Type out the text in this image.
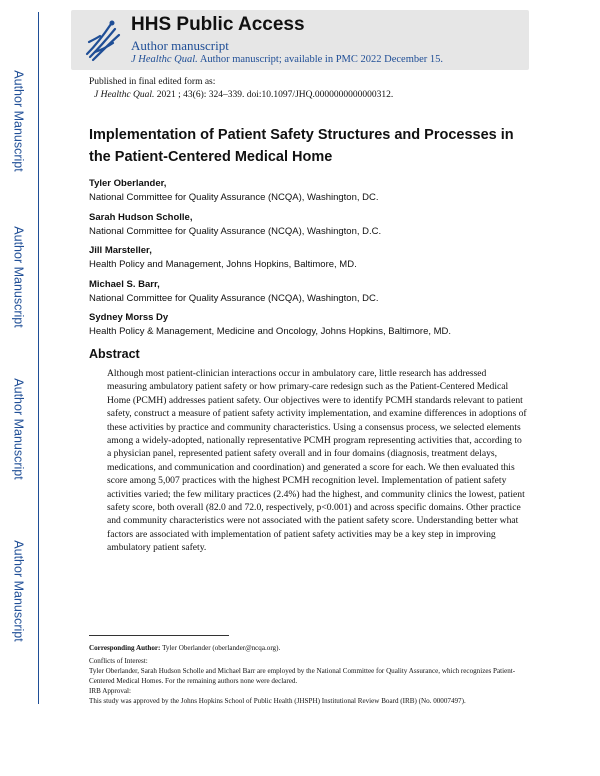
Author Manuscript
Author Manuscript
Author Manuscript
Author Manuscript
HHS Public Access
Author manuscript
J Healthc Qual. Author manuscript; available in PMC 2022 December 15.
Published in final edited form as:
J Healthc Qual. 2021 ; 43(6): 324–339. doi:10.1097/JHQ.0000000000000312.
Implementation of Patient Safety Structures and Processes in the Patient-Centered Medical Home
Tyler Oberlander,
National Committee for Quality Assurance (NCQA), Washington, DC.
Sarah Hudson Scholle,
National Committee for Quality Assurance (NCQA), Washington, D.C.
Jill Marsteller,
Health Policy and Management, Johns Hopkins, Baltimore, MD.
Michael S. Barr,
National Committee for Quality Assurance (NCQA), Washington, DC.
Sydney Morss Dy
Health Policy & Management, Medicine and Oncology, Johns Hopkins, Baltimore, MD.
Abstract
Although most patient-clinician interactions occur in ambulatory care, little research has addressed measuring ambulatory patient safety or how primary-care redesign such as the Patient-Centered Medical Home (PCMH) addresses patient safety. Our objectives were to identify PCMH standards relevant to patient safety, construct a measure of patient safety activity implementation, and examine differences in adoptions of these activities by practice and community characteristics. Using a consensus process, we selected elements among a widely-adopted, nationally representative PCMH program representing activities that, according to a physician panel, represented patient safety overall and in four domains (diagnosis, treatment delays, medications, and communication and coordination) and generated a score for each. We then evaluated this score among 5,007 practices with the highest PCMH recognition level. Implementation of patient safety activities varied; the few military practices (2.4%) had the highest, and community clinics the lowest, patient safety score, both overall (82.0 and 72.0, respectively, p<0.001) and across specific domains. Other practice and community characteristics were not associated with the patient safety score. Understanding better what factors are associated with implementation of patient safety activities may be a key step in improving ambulatory patient safety.
Corresponding Author: Tyler Oberlander (oberlander@ncqa.org).
Conflicts of Interest:
Tyler Oberlander, Sarah Hudson Scholle and Michael Barr are employed by the National Committee for Quality Assurance, which recognizes Patient-Centered Medical Homes. For the remaining authors none were declared.
IRB Approval:
This study was approved by the Johns Hopkins School of Public Health (JHSPH) Institutional Review Board (IRB) (No. 00007497).
